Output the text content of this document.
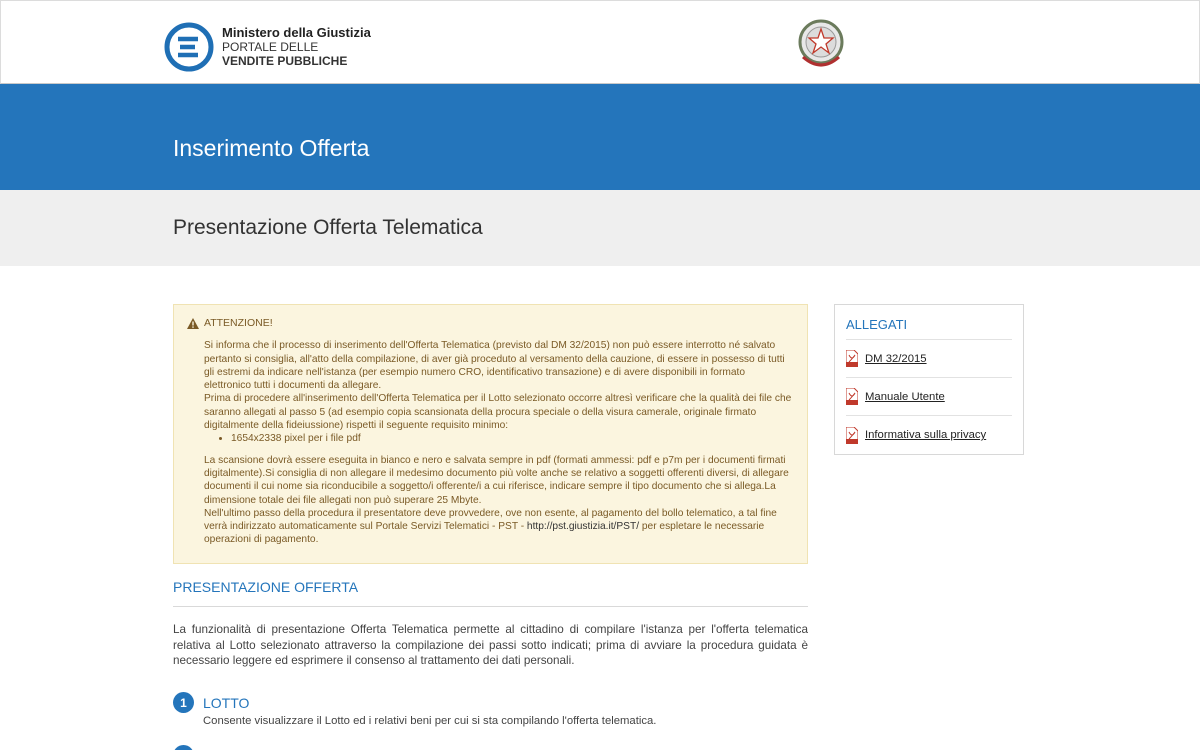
Ministero della Giustizia
PORTALE DELLE
VENDITE PUBBLICHE
Inserimento Offerta
Presentazione Offerta Telematica
ATTENZIONE!

Si informa che il processo di inserimento dell'Offerta Telematica (previsto dal DM 32/2015) non può essere interrotto né salvato pertanto si consiglia, all'atto della compilazione, di aver già proceduto al versamento della cauzione, di essere in possesso di tutti gli estremi da indicare nell'istanza (per esempio numero CRO, identificativo transazione) e di avere disponibili in formato elettronico tutti i documenti da allegare.

Prima di procedere all'inserimento dell'Offerta Telematica per il Lotto selezionato occorre altresì verificare che la qualità dei file che saranno allegati al passo 5 (ad esempio copia scansionata della procura speciale o della visura camerale, originale firmato digitalmente della fideiussione) rispetti il seguente requisito minimo:

• 1654x2338 pixel per i file pdf

La scansione dovrà essere eseguita in bianco e nero e salvata sempre in pdf (formati ammessi: pdf e p7m per i documenti firmati digitalmente).Si consiglia di non allegare il medesimo documento più volte anche se relativo a soggetti offerenti diversi, di allegare documenti il cui nome sia riconducibile a soggetto/i offerente/i a cui riferisce, indicare sempre il tipo documento che si allega.La dimensione totale dei file allegati non può superare 25 Mbyte.

Nell'ultimo passo della procedura il presentatore deve provvedere, ove non esente, al pagamento del bollo telematico, a tal fine verrà indirizzato automaticamente sul Portale Servizi Telematici - PST - http://pst.giustizia.it/PST/ per espletare le necessarie operazioni di pagamento.

PRESENTAZIONE OFFERTA

La funzionalità di presentazione Offerta Telematica permette al cittadino di compilare l'istanza per l'offerta telematica relativa al Lotto selezionato attraverso la compilazione dei passi sotto indicati; prima di avviare la procedura guidata è necessario leggere ed esprimere il consenso al trattamento dei dati personali.

1	LOTTO
Consente visualizzare il Lotto ed i relativi beni per cui si sta compilando l'offerta telematica.
ALLEGATI
DM 32/2015
Manuale Utente
Informativa sulla privacy
